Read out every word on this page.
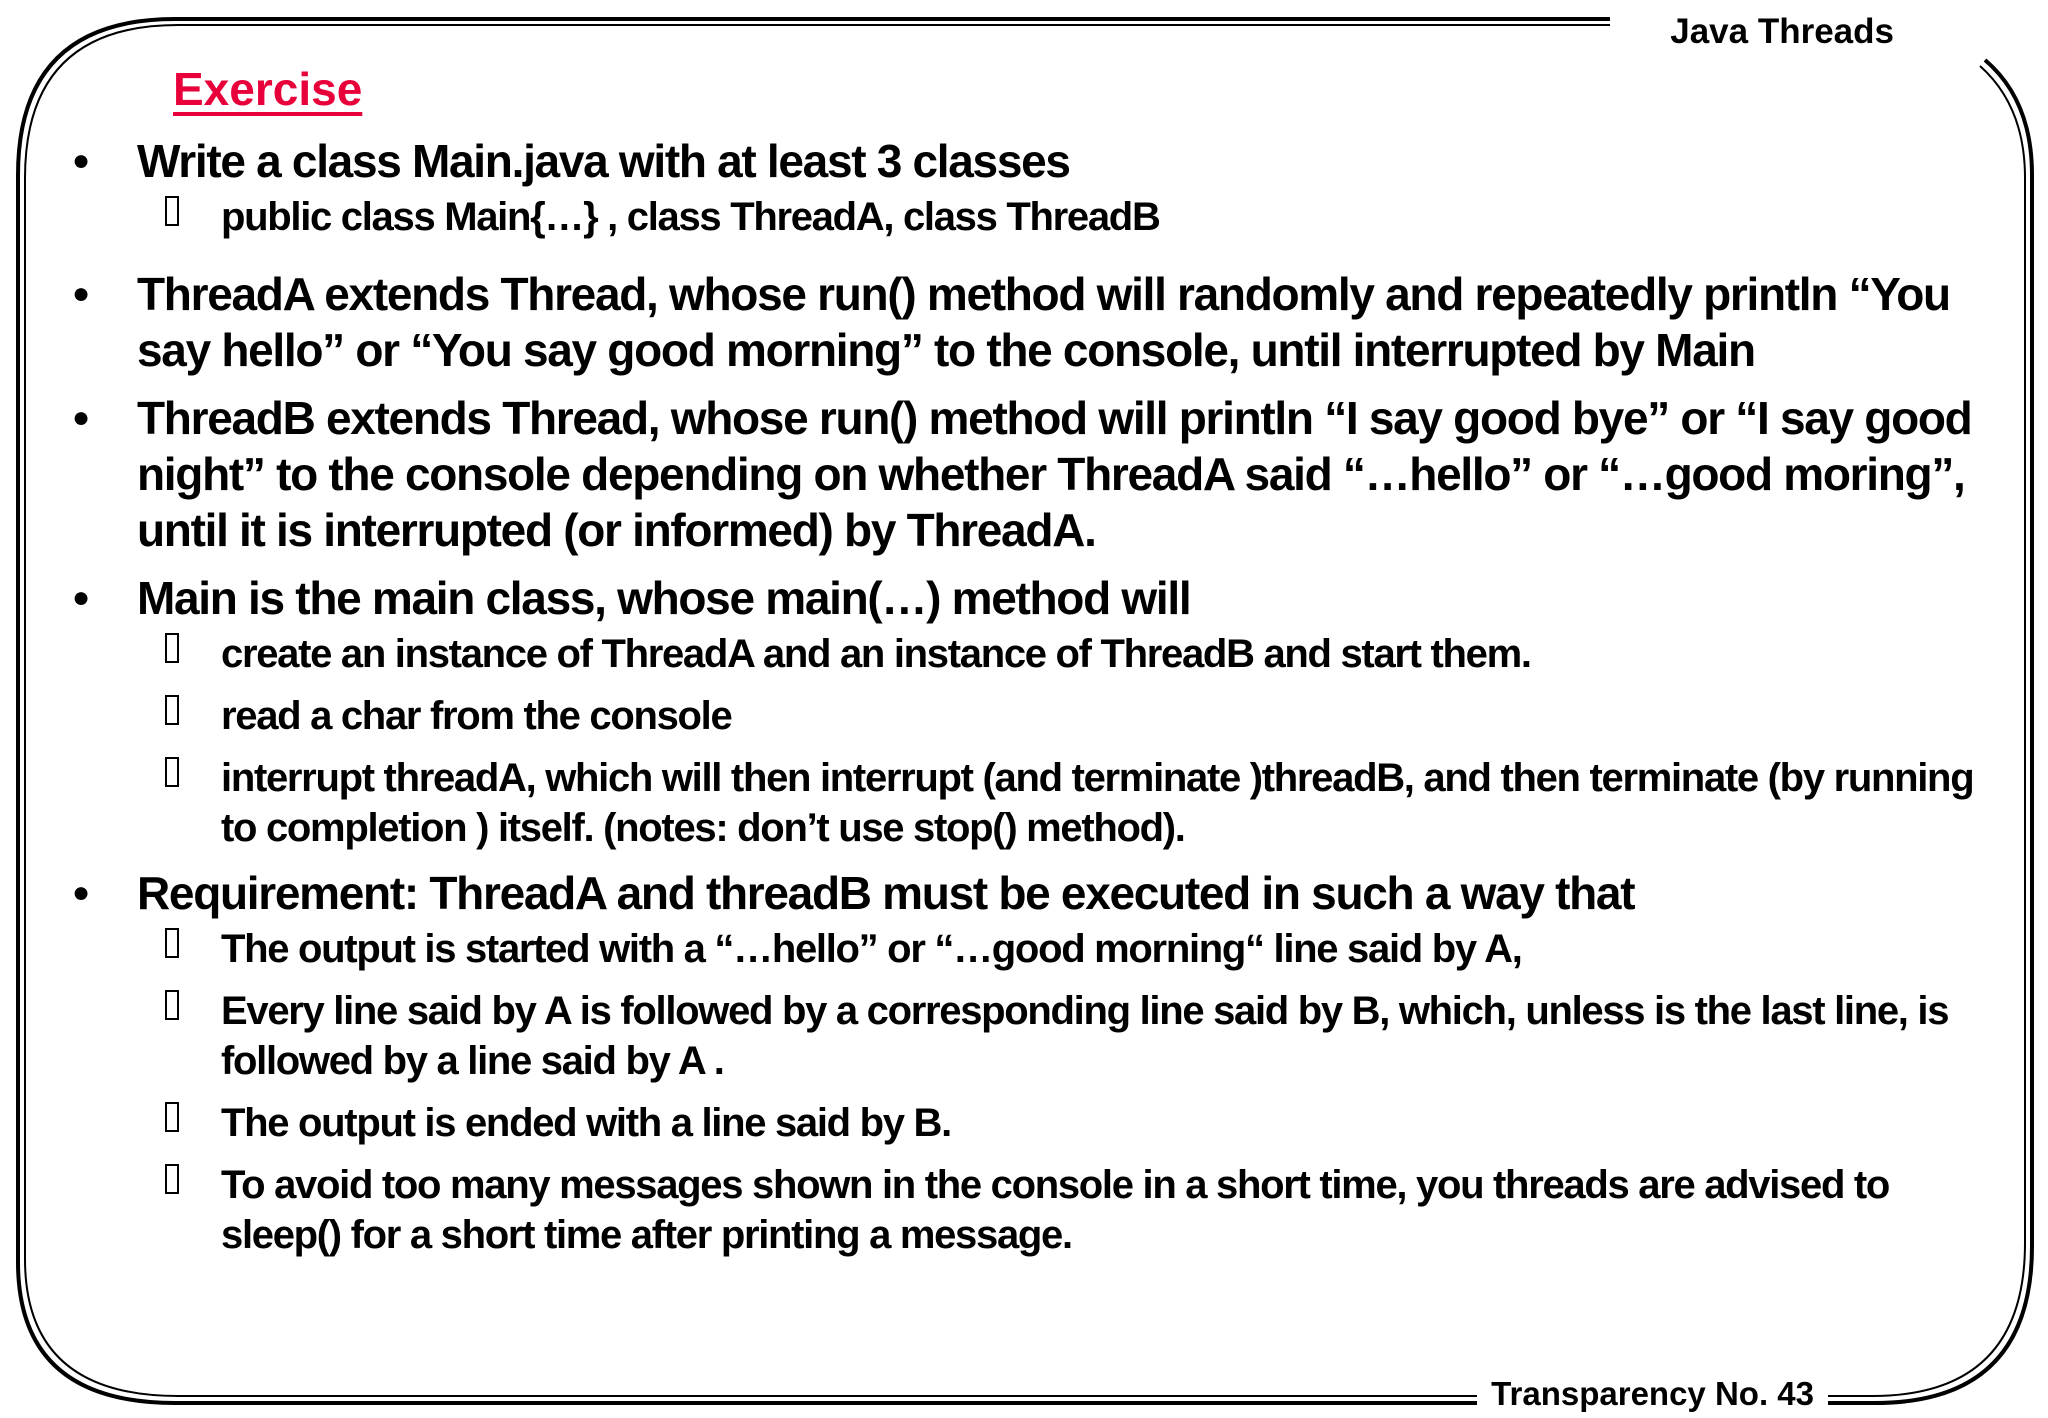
Java Threads
Transparency No. 43
Exercise
● Write a class Main.java with at least 3 classes
public class Main{…} , class ThreadA, class ThreadB
● ThreadA extends Thread, whose run() method will randomly and repeatedly println “You say hello” or “You say good morning” to the console, until interrupted by Main
● ThreadB extends Thread, whose run() method will println “I say good bye” or “I say good night” to the console depending on whether ThreadA said “…hello” or “…good moring”, until it is interrupted (or informed) by ThreadA.
● Main is the main class, whose main(…) method will
create an instance of ThreadA and an instance of ThreadB and start them.
read a char from the console
interrupt threadA, which will then interrupt (and terminate )threadB, and then terminate (by running to completion ) itself. (notes: don’t use stop() method).
● Requirement: ThreadA and threadB must be executed in such a way that
The output is started with a “…hello” or “…good morning“ line said by A,
Every line said by A is followed by a corresponding line said by B, which, unless is the last line, is followed by a line said by A .
The output is ended with a line said by B.
To avoid too many messages shown in the console in a short time, you threads are advised to sleep() for a short time after printing a message.
